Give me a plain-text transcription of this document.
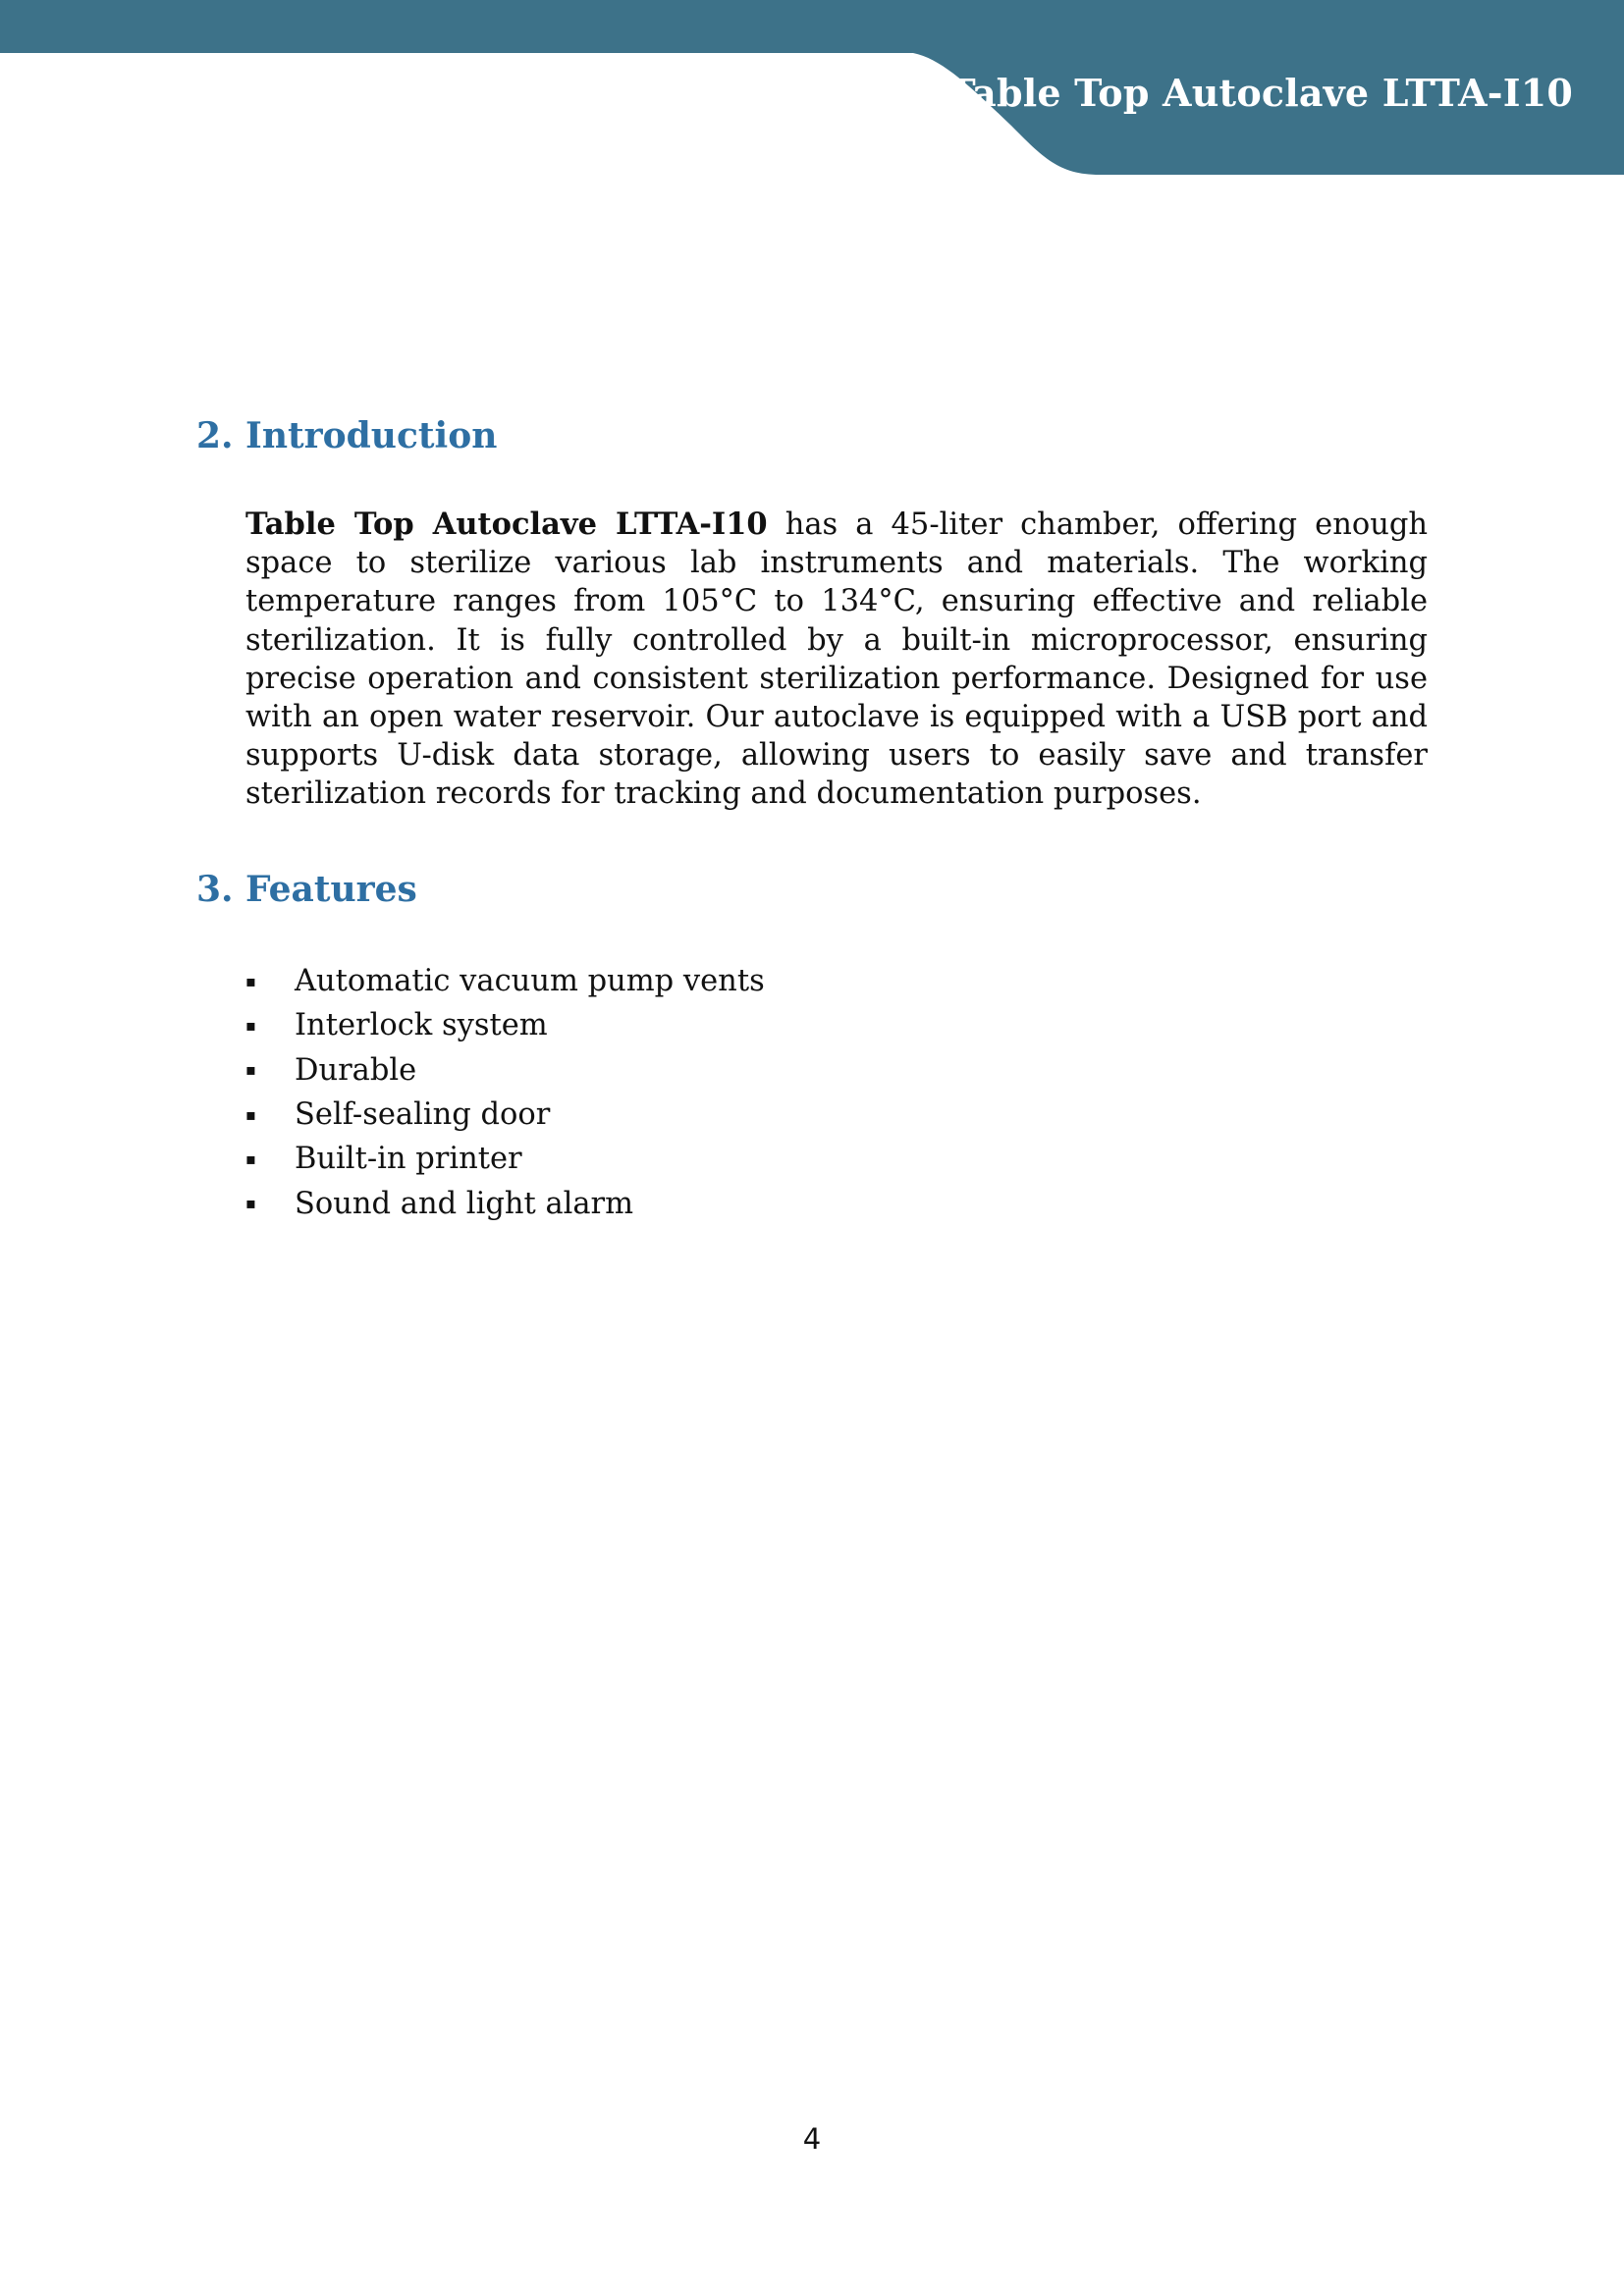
Table Top Autoclave LTTA-I10
2. Introduction

Table Top Autoclave LTTA-I10 has a 45-liter chamber, offering enough space to sterilize various lab instruments and materials. The working temperature ranges from 105°C to 134°C, ensuring effective and reliable sterilization. It is fully controlled by a built-in microprocessor, ensuring precise operation and consistent sterilization performance. Designed for use with an open water reservoir. Our autoclave is equipped with a USB port and supports U-disk data storage, allowing users to easily save and transfer sterilization records for tracking and documentation purposes.

3. Features
▪	Automatic vacuum pump vents
▪	Interlock system
▪	Durable
▪	Self-sealing door
▪	Built-in printer
▪	Sound and light alarm
4
